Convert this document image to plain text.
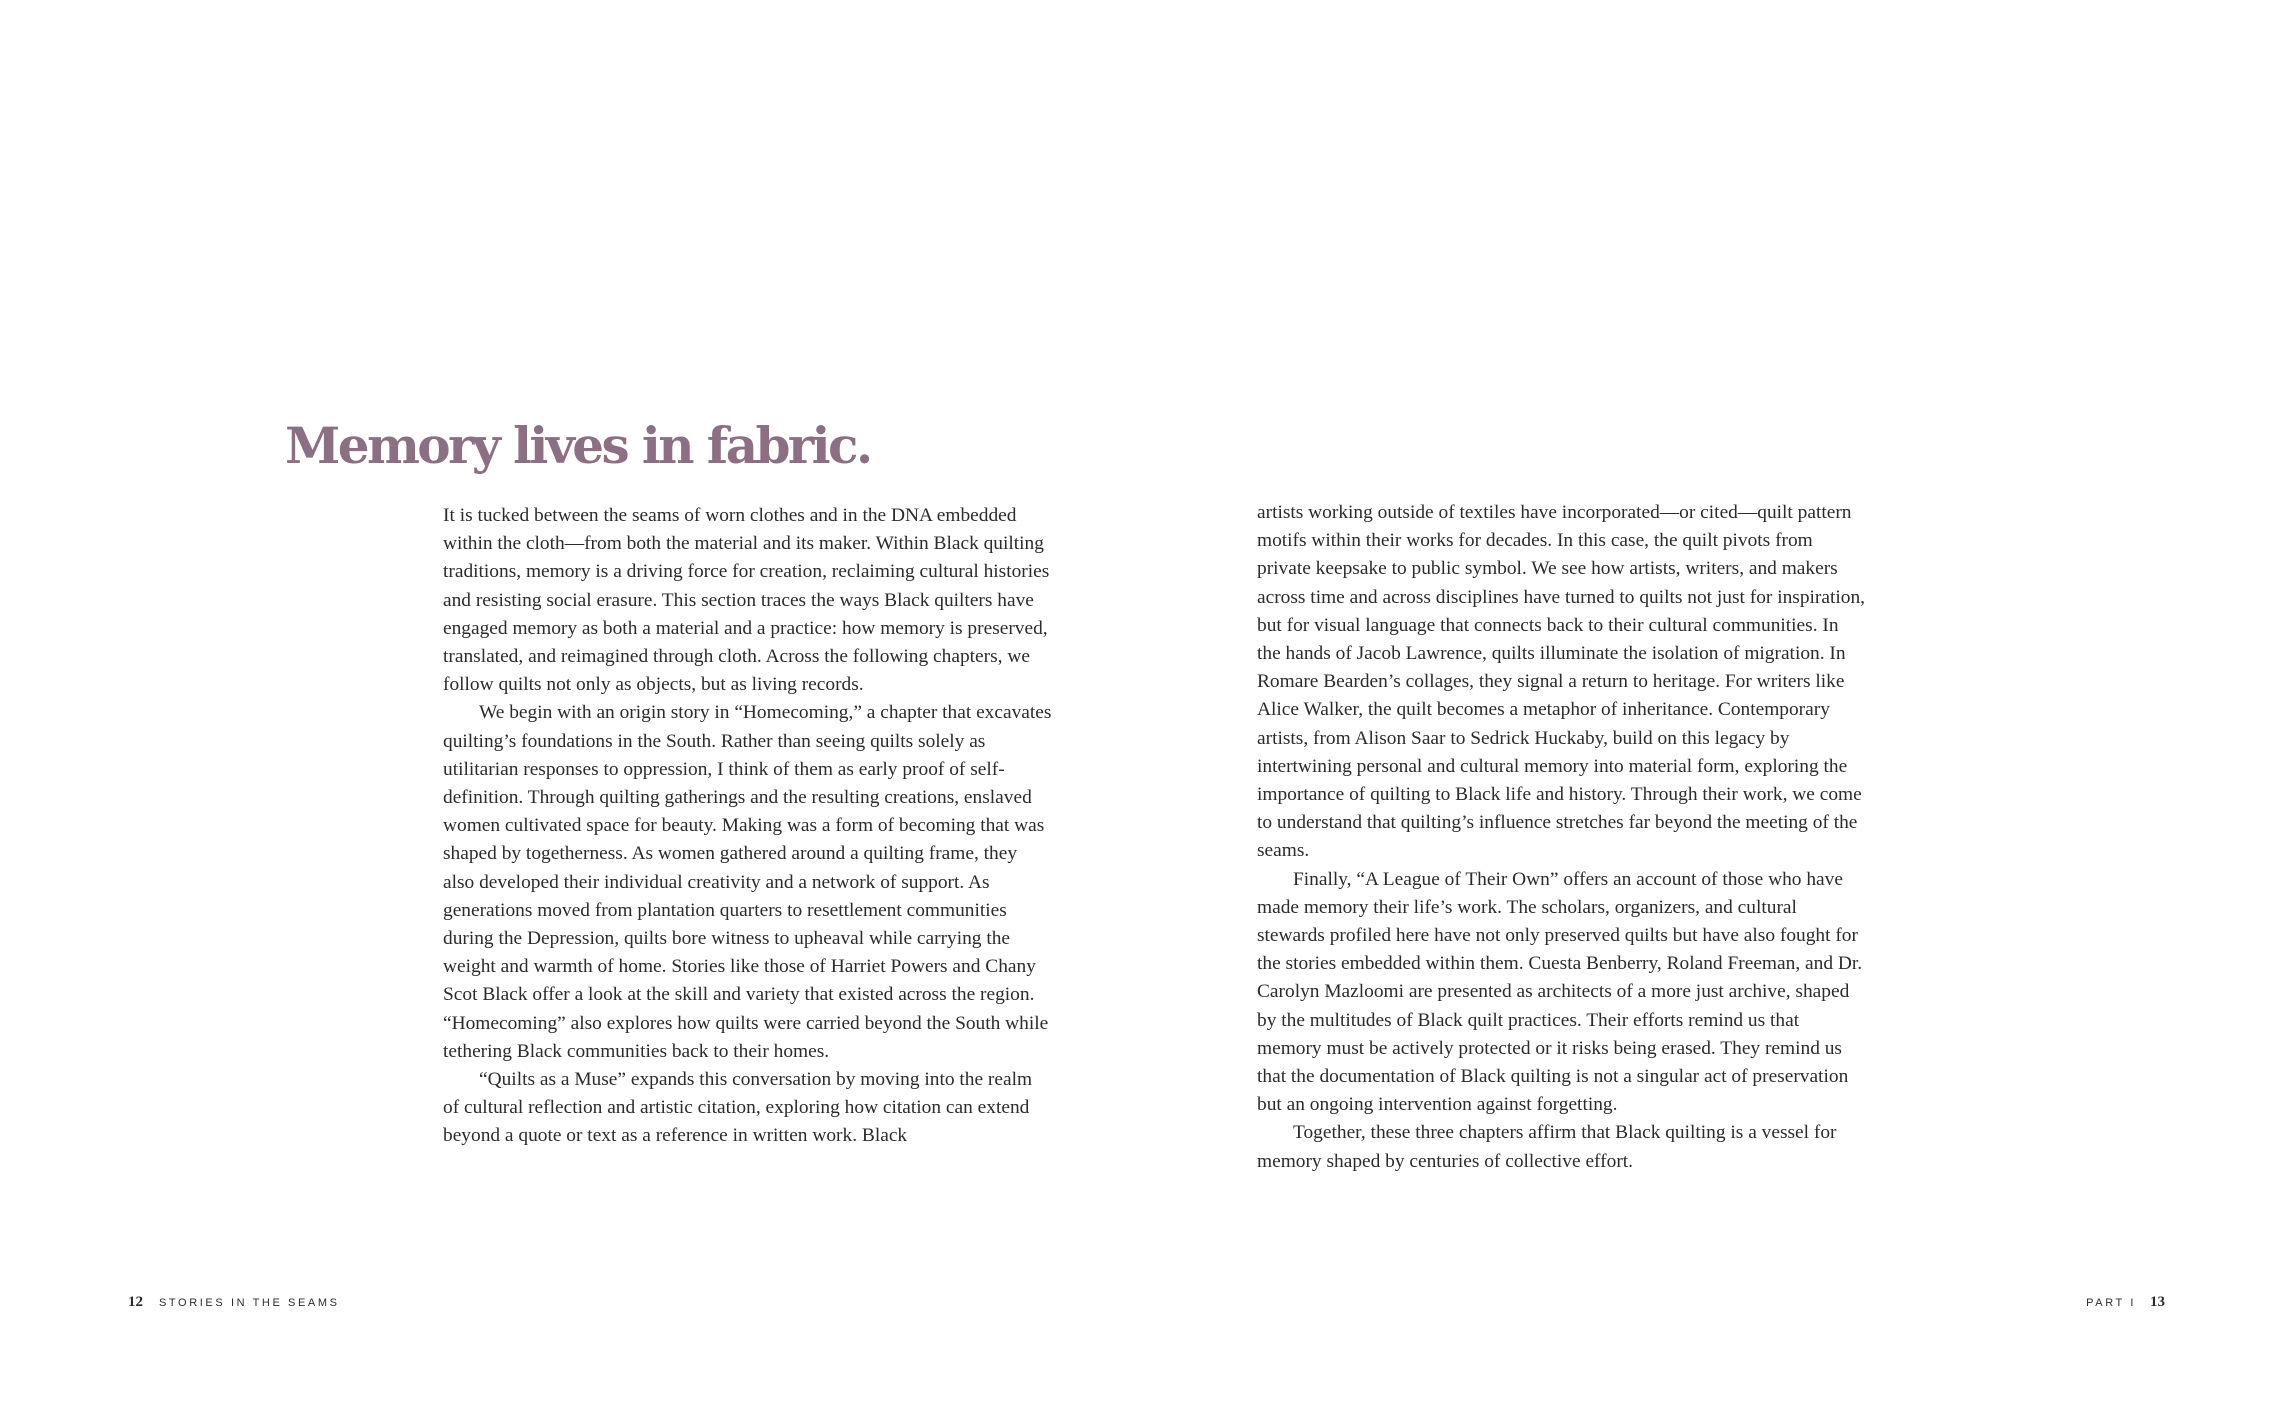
Memory lives in fabric.

It is tucked between the seams of worn clothes and in the DNA embedded within the cloth—from both the material and its maker. Within Black quilting traditions, memory is a driving force for creation, reclaiming cultural histories and resisting social erasure. This section traces the ways Black quilters have engaged memory as both a material and a practice: how memory is preserved, translated, and reimagined through cloth. Across the following chapters, we follow quilts not only as objects, but as living records.

We begin with an origin story in “Homecoming,” a chapter that excavates quilting’s foundations in the South. Rather than seeing quilts solely as utilitarian responses to oppression, I think of them as early proof of self-definition. Through quilting gatherings and the resulting creations, enslaved women cultivated space for beauty. Making was a form of becoming that was shaped by togetherness. As women gathered around a quilting frame, they also developed their individual creativity and a network of support. As generations moved from plantation quarters to resettlement communities during the Depression, quilts bore witness to upheaval while carrying the weight and warmth of home. Stories like those of Harriet Powers and Chany Scot Black offer a look at the skill and variety that existed across the region. “Homecoming” also explores how quilts were carried beyond the South while tethering Black communities back to their homes.

“Quilts as a Muse” expands this conversation by moving into the realm of cultural reflection and artistic citation, exploring how citation can extend beyond a quote or text as a reference in written work. Black

12 STORIES IN THE SEAMS	PART I 13

artists working outside of textiles have incorporated—or cited—quilt pattern motifs within their works for decades. In this case, the quilt pivots from private keepsake to public symbol. We see how artists, writers, and makers across time and across disciplines have turned to quilts not just for inspiration, but for visual language that connects back to their cultural communities. In the hands of Jacob Lawrence, quilts illuminate the isolation of migration. In Romare Bearden’s collages, they signal a return to heritage. For writers like Alice Walker, the quilt becomes a metaphor of inheritance. Contemporary artists, from Alison Saar to Sedrick Huckaby, build on this legacy by intertwining personal and cultural memory into material form, exploring the importance of quilting to Black life and history. Through their work, we come to understand that quilting’s influence stretches far beyond the meeting of the seams.

Finally, “A League of Their Own” offers an account of those who have made memory their life’s work. The scholars, organizers, and cultural stewards profiled here have not only preserved quilts but have also fought for the stories embedded within them. Cuesta Benberry, Roland Freeman, and Dr. Carolyn Mazloomi are presented as architects of a more just archive, shaped by the multitudes of Black quilt practices. Their efforts remind us that memory must be actively protected or it risks being erased. They remind us that the documentation of Black quilting is not a singular act of preservation but an ongoing intervention against forgetting.

Together, these three chapters affirm that Black quilting is a vessel for memory shaped by centuries of collective effort.
